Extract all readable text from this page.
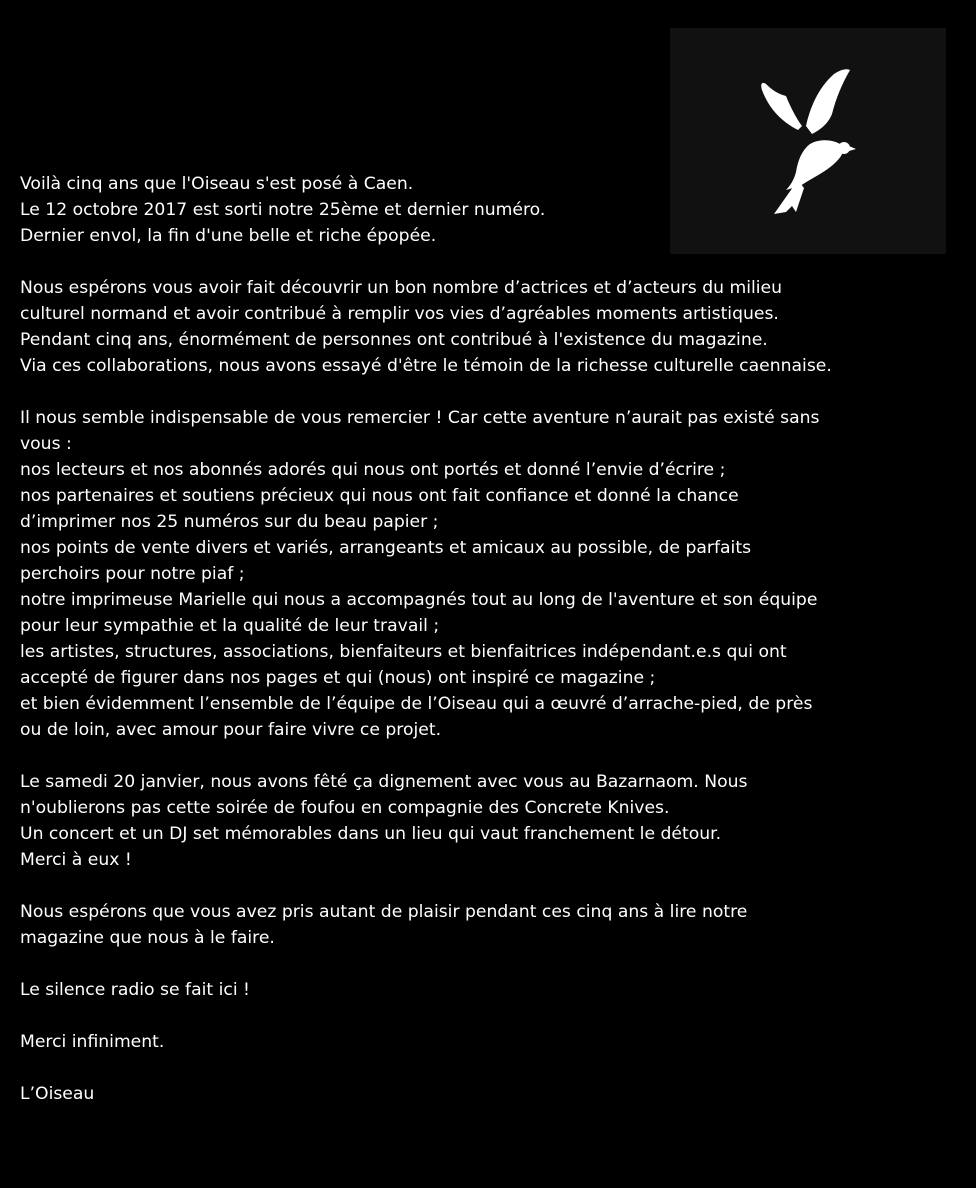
Voilà cinq ans que l'Oiseau s'est posé à Caen.
Le 12 octobre 2017 est sorti notre 25ème et dernier numéro.
Dernier envol, la fin d'une belle et riche épopée.
Nous espérons vous avoir fait découvrir un bon nombre d’actrices et d’acteurs du milieu
culturel normand et avoir contribué à remplir vos vies d’agréables moments artistiques.
Pendant cinq ans, énormément de personnes ont contribué à l'existence du magazine.
Via ces collaborations, nous avons essayé d'être le témoin de la richesse culturelle caennaise.
Il nous semble indispensable de vous remercier ! Car cette aventure n’aurait pas existé sans
vous :
nos lecteurs et nos abonnés adorés qui nous ont portés et donné l’envie d’écrire ;
nos partenaires et soutiens précieux qui nous ont fait confiance et donné la chance
d’imprimer nos 25 numéros sur du beau papier ;
nos points de vente divers et variés, arrangeants et amicaux au possible, de parfaits
perchoirs pour notre piaf ;
notre imprimeuse Marielle qui nous a accompagnés tout au long de l'aventure et son équipe
pour leur sympathie et la qualité de leur travail ;
les artistes, structures, associations, bienfaiteurs et bienfaitrices indépendant.e.s qui ont
accepté de figurer dans nos pages et qui (nous) ont inspiré ce magazine ;
et bien évidemment l’ensemble de l’équipe de l’Oiseau qui a œuvré d’arrache-pied, de près
ou de loin, avec amour pour faire vivre ce projet.
Le samedi 20 janvier, nous avons fêté ça dignement avec vous au Bazarnaom. Nous
n'oublierons pas cette soirée de foufou en compagnie des Concrete Knives.
Un concert et un DJ set mémorables dans un lieu qui vaut franchement le détour.
Merci à eux !
Nous espérons que vous avez pris autant de plaisir pendant ces cinq ans à lire notre
magazine que nous à le faire.
Le silence radio se fait ici !
Merci infiniment.
L’Oiseau
